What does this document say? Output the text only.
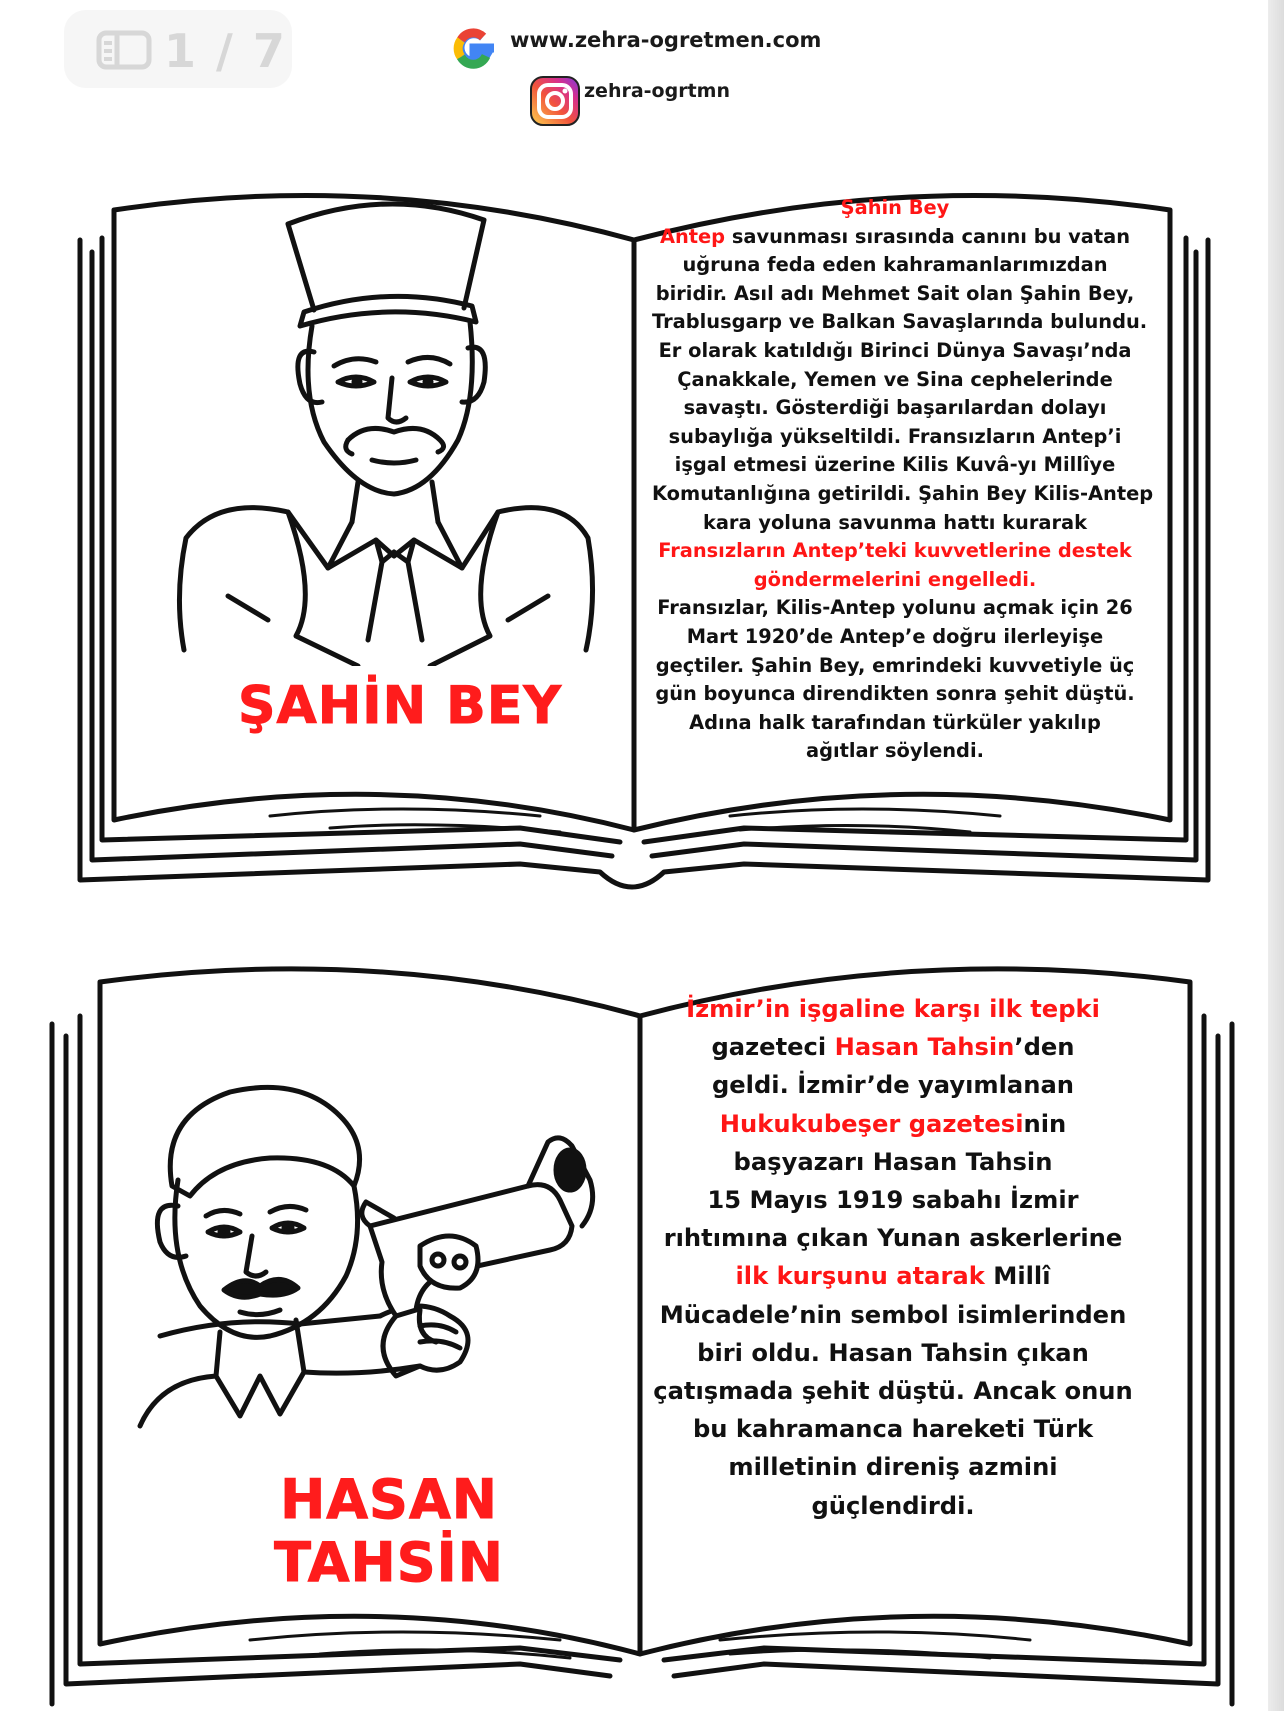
1 / 7	www.zehra-ogretmen.com
zehra-ogrtmn
ŞAHİN BEY
Şahin Bey
Antep savunması sırasında canını bu vatan
uğruna feda eden kahramanlarımızdan
biridir. Asıl adı Mehmet Sait olan Şahin Bey,
Trablusgarp ve Balkan Savaşlarında bulundu.
Er olarak katıldığı Birinci Dünya Savaşı’nda
Çanakkale, Yemen ve Sina cephelerinde
savaştı. Gösterdiği başarılardan dolayı
subaylığa yükseltildi. Fransızların Antep’i
işgal etmesi üzerine Kilis Kuvâ-yı Millîye
Komutanlığına getirildi. Şahin Bey Kilis-Antep
kara yoluna savunma hattı kurarak
Fransızların Antep’teki kuvvetlerine destek
göndermelerini engelledi.
Fransızlar, Kilis-Antep yolunu açmak için 26
Mart 1920’de Antep’e doğru ilerleyişe
geçtiler. Şahin Bey, emrindeki kuvvetiyle üç
gün boyunca direndikten sonra şehit düştü.
Adına halk tarafından türküler yakılıp
ağıtlar söylendi.
HASAN TAHSİN
İzmir’in işgaline karşı ilk tepki
gazeteci Hasan Tahsin’den
geldi. İzmir’de yayımlanan
Hukukubeşer gazetesinin
başyazarı Hasan Tahsin
15 Mayıs 1919 sabahı İzmir
rıhtımına çıkan Yunan askerlerine
ilk kurşunu atarak Millî
Mücadele’nin sembol isimlerinden
biri oldu. Hasan Tahsin çıkan
çatışmada şehit düştü. Ancak onun
bu kahramanca hareketi Türk
milletinin direniş azmini
güçlendirdi.
